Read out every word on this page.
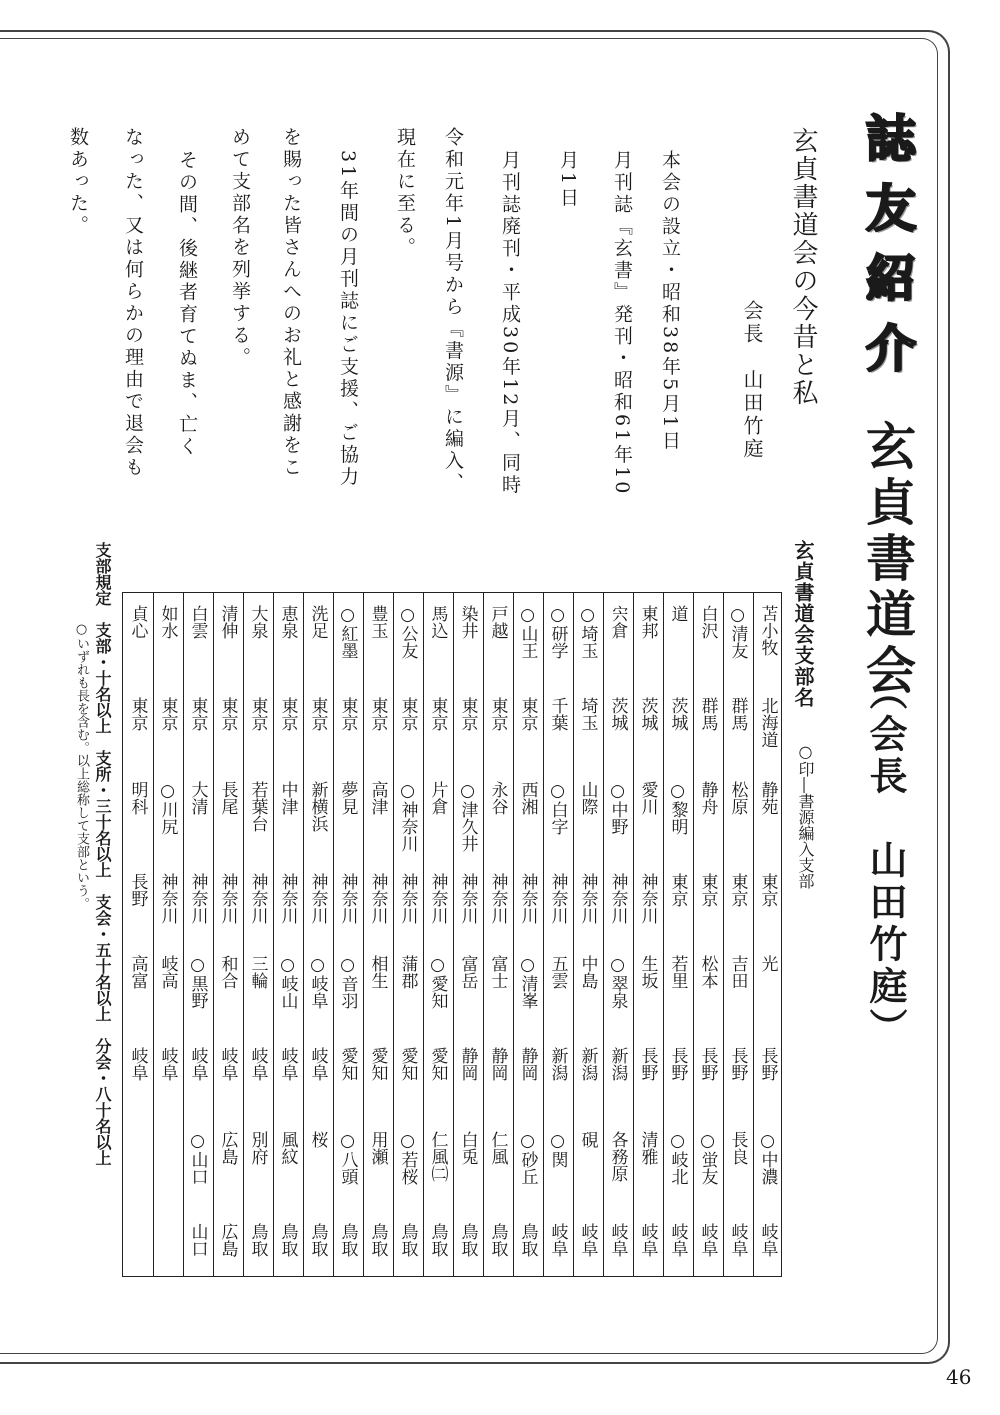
誌友紹介
玄貞書道会
（会長　山田竹庭）
玄貞書道会の今昔と私
会長　山田竹庭
本会の設立・昭和38年5月1日
月刊誌『玄書』発刊・昭和61年10
月1日
月刊誌廃刊・平成30年12月、同時
令和元年1月号から『書源』に編入、
現在に至る。
31年間の月刊誌にご支援、ご協力
を賜った皆さんへのお礼と感謝をこ
めて支部名を列挙する。
その間、後継者育てぬま、亡く
なった、又は何らかの理由で退会も
数あった。
玄貞書道会支部名
○印―書源編入支部
苫小牧
北海道
静苑
東京
光
長野
○中濃
岐阜
○清友
群馬
松原
東京
吉田
長野
長良
岐阜
白沢
群馬
静舟
東京
松本
長野
○蛍友
岐阜
道
茨城
○黎明
東京
若里
長野
○岐北
岐阜
東邦
茨城
愛川
神奈川
生坂
長野
清雅
岐阜
宍倉
茨城
○中野
神奈川
○翠泉
新潟
各務原
岐阜
○埼玉
埼玉
山際
神奈川
中島
新潟
硯
岐阜
○研学
千葉
○白字
神奈川
五雲
新潟
○関
岐阜
○山王
東京
西湘
神奈川
○清峯
静岡
○砂丘
鳥取
戸越
東京
永谷
神奈川
富士
静岡
仁風
鳥取
染井
東京
○津久井
神奈川
富岳
静岡
白兎
鳥取
馬込
東京
片倉
神奈川
○愛知
愛知
仁風㈡
鳥取
○公友
東京
○神奈川
神奈川
蒲郡
愛知
○若桜
鳥取
豊玉
東京
高津
神奈川
相生
愛知
用瀬
鳥取
○紅墨
東京
夢見
神奈川
○音羽
愛知
○八頭
鳥取
洗足
東京
新横浜
神奈川
○岐阜
岐阜
桜
鳥取
恵泉
東京
中津
神奈川
○岐山
岐阜
風紋
鳥取
大泉
東京
若葉台
神奈川
三輪
岐阜
別府
鳥取
清伸
東京
長尾
神奈川
和合
岐阜
広島
広島
白雲
東京
大清
神奈川
○黒野
岐阜
○山口
山口
如水
東京
○川尻
神奈川
岐高
岐阜
貞心
東京
明科
長野
高富
岐阜
支部規定　支部・十名以上　支所・三十名以上　支会・五十名以上　分会・八十名以上
○いずれも長を含む。以上総称して支部という。
46
